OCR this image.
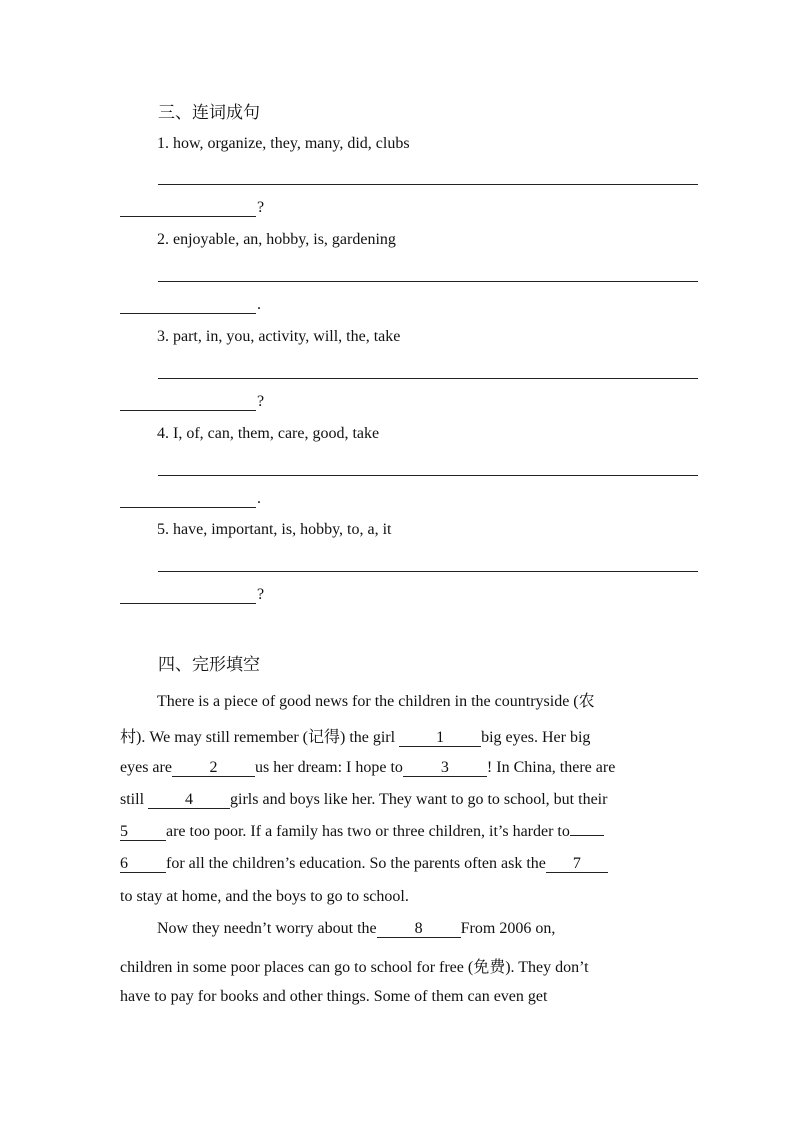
三、连词成句
1. how, organize, they, many, did, clubs
?
2. enjoyable, an, hobby, is, gardening
.
3. part, in, you, activity, will, the, take
?
4. I, of, can, them, care, good, take
.
5. have, important, is, hobby, to, a, it
?
四、完形填空
There is a piece of good news for the children in the countryside (农
村). We may still remember (记得) the girl 1 big eyes. Her big
eyes are 2 us her dream: I hope to 3 ! In China, there are
still 4 girls and boys like her. They want to go to school, but their
5 are too poor. If a family has two or three children, it’s harder to
6 for all the children’s education. So the parents often ask the 7
to stay at home, and the boys to go to school.
Now they needn’t worry about the 8 From 2006 on,
children in some poor places can go to school for free (免费). They don’t
have to pay for books and other things. Some of them can even get
